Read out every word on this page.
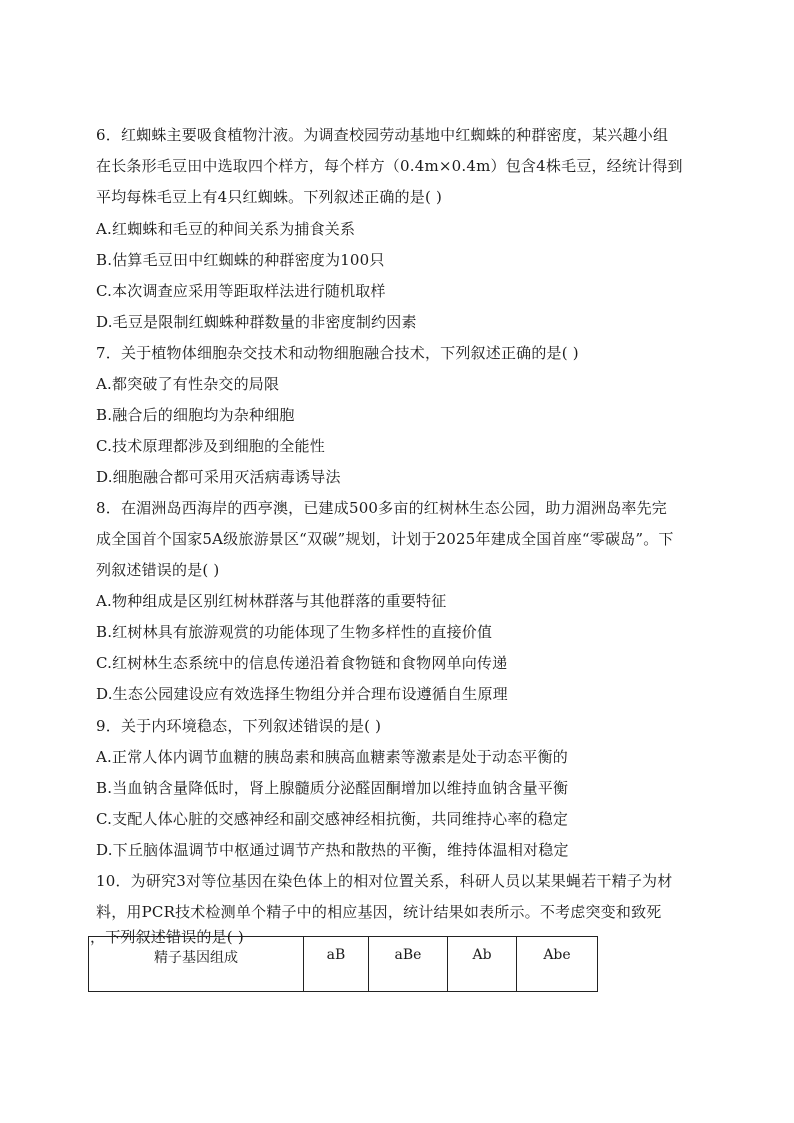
6．红蜘蛛主要吸食植物汁液。为调查校园劳动基地中红蜘蛛的种群密度，某兴趣小组
在长条形毛豆田中选取四个样方，每个样方（0.4m×0.4m）包含4株毛豆，经统计得到
平均每株毛豆上有4只红蜘蛛。下列叙述正确的是( )
A.红蜘蛛和毛豆的种间关系为捕食关系
B.估算毛豆田中红蜘蛛的种群密度为100只
C.本次调查应采用等距取样法进行随机取样
D.毛豆是限制红蜘蛛种群数量的非密度制约因素
7．关于植物体细胞杂交技术和动物细胞融合技术，下列叙述正确的是( )
A.都突破了有性杂交的局限
B.融合后的细胞均为杂种细胞
C.技术原理都涉及到细胞的全能性
D.细胞融合都可采用灭活病毒诱导法
8．在湄洲岛西海岸的西亭澳，已建成500多亩的红树林生态公园，助力湄洲岛率先完
成全国首个国家5A级旅游景区“双碳”规划，计划于2025年建成全国首座“零碳岛”。下
列叙述错误的是( )
A.物种组成是区别红树林群落与其他群落的重要特征
B.红树林具有旅游观赏的功能体现了生物多样性的直接价值
C.红树林生态系统中的信息传递沿着食物链和食物网单向传递
D.生态公园建设应有效选择生物组分并合理布设遵循自生原理
9．关于内环境稳态，下列叙述错误的是( )
A.正常人体内调节血糖的胰岛素和胰高血糖素等激素是处于动态平衡的
B.当血钠含量降低时，肾上腺髓质分泌醛固酮增加以维持血钠含量平衡
C.支配人体心脏的交感神经和副交感神经相抗衡，共同维持心率的稳定
D.下丘脑体温调节中枢通过调节产热和散热的平衡，维持体温相对稳定
10．为研究3对等位基因在染色体上的相对位置关系，科研人员以某果蝇若干精子为材
料，用PCR技术检测单个精子中的相应基因，统计结果如表所示。不考虑突变和致死
，下列叙述错误的是( )
精子基因组成	aB	aBe	Ab	Abe
